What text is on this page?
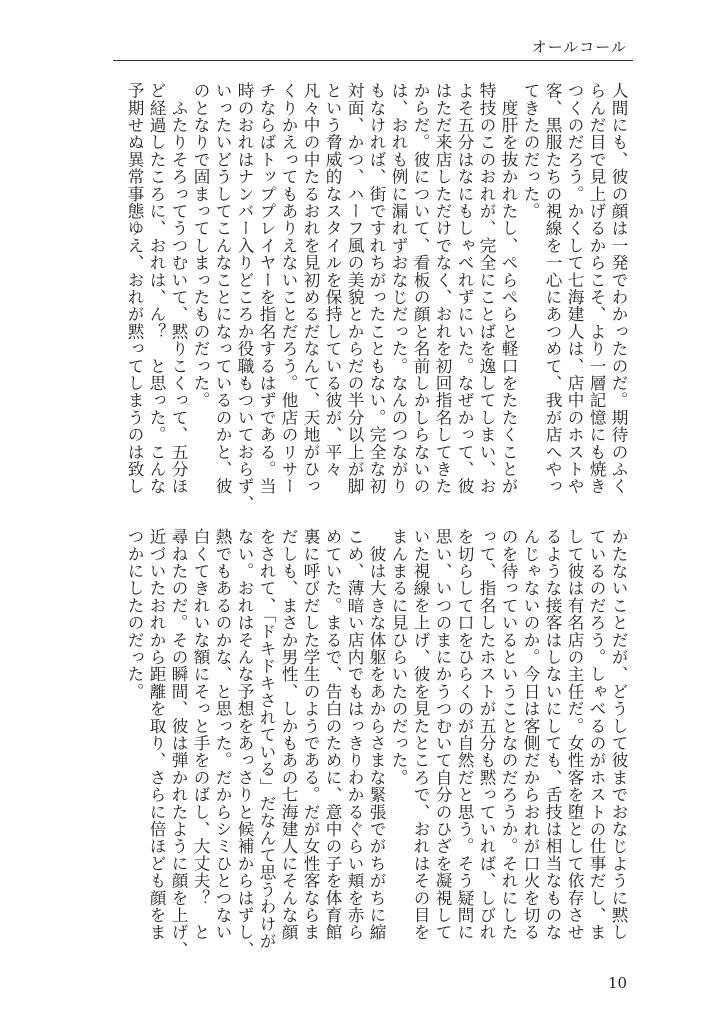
オールコール
人間にも、彼の顔は一発でわかったのだ。期待のふく
らんだ目で見上げるからこそ、より一層記憶にも焼き
つくのだろう。かくして七海建人は、店中のホストや
客、黒服たちの視線を一心にあつめて、我が店へやっ
てきたのだった。
　度肝を抜かれたし、ぺらぺらと軽口をたたくことが
特技のこのおれが、完全にことばを逸してしまい、お
よそ五分はなにもしゃべれずにいた。なぜかって、彼
はただ来店しただけでなく、おれを初回指名してきた
からだ。彼について、看板の顔と名前しかしらないの
は、おれも例に漏れずおなじだった。なんのつながり
もなければ、街ですれちがったこともない。完全な初
対面、かつ、ハーフ風の美貌とからだの半分以上が脚
という脅威的なスタイルを保持している彼が、平々
凡々中の中たるおれを見初めるだなんて、天地がひっ
くりかえってもありえないことだろう。他店のリサー
チならばトッププレイヤーを指名するはずである。当
時のおれはナンバー入りどころか役職もついておらず、
いったいどうしてこんなことになっているのかと、彼
のとなりで固まってしまったものだった。
　ふたりそろってうつむいて、黙りこくって、五分ほ
ど経過したころに、おれは、ん？　と思った。こんな
予期せぬ異常事態ゆえ、おれが黙ってしまうのは致し
かたないことだが、どうして彼までおなじように黙し
ているのだろう。しゃべるのがホストの仕事だし、ま
して彼は有名店の主任だ。女性客を堕として依存させ
るような接客はしないにしても、舌技は相当なものな
んじゃないのか。今日は客側だからおれが口火を切る
のを待っているということなのだろうか。それにした
って、指名したホストが五分も黙っていれば、しびれ
を切らして口をひらくのが自然だと思う。そう疑問に
思い、いつのまにかうつむいて自分のひざを凝視して
いた視線を上げ、彼を見たところで、おれはその目を
まんまるに見ひらいたのだった。
　彼は大きな体躯をあからさまな緊張でがちがちに縮
こめ、薄暗い店内でもはっきりわかるぐらい頬を赤ら
めていた。まるで、告白のために、意中の子を体育館
裏に呼びだした学生のようである。だが女性客ならま
だしも、まさか男性、しかもあの七海建人にそんな顔
をされて、「ドキドキされている」だなんて思うわけが
ない。おれはそんな予想をあっさりと候補からはずし、
熱でもあるのかな、と思った。だからシミひとつない
白くてきれいな額にそっと手をのばし、大丈夫？　と
尋ねたのだ。その瞬間、彼は弾かれたように顔を上げ、
近づいたおれから距離を取り、さらに倍ほども顔をま
つかにしたのだった。
10
